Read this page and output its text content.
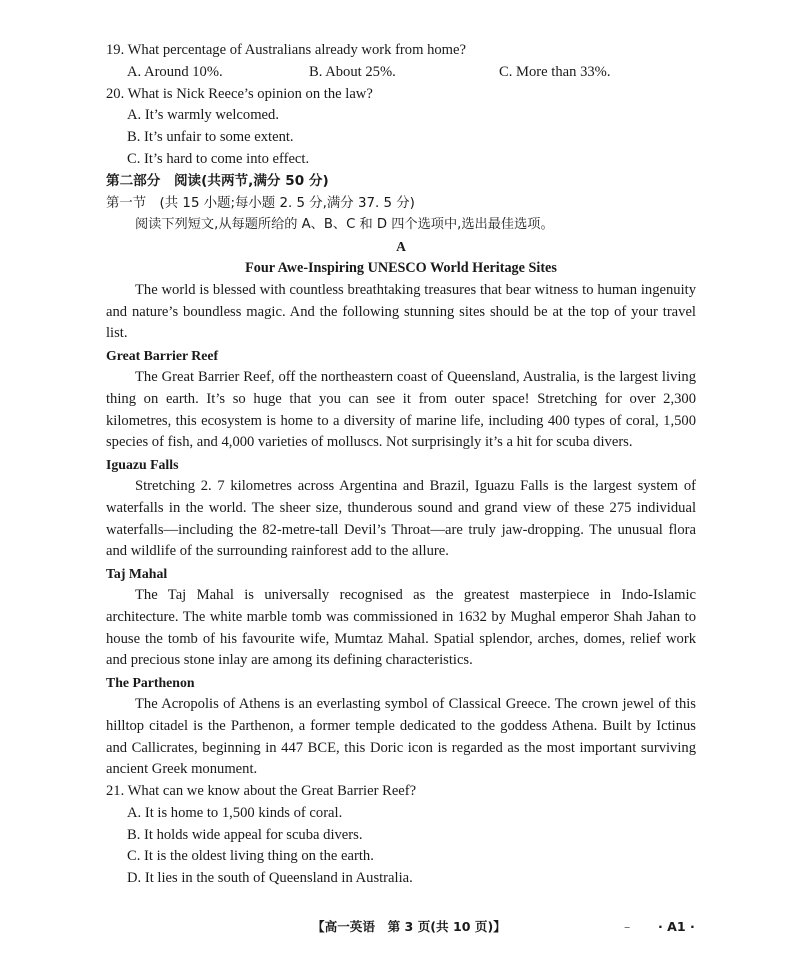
19. What percentage of Australians already work from home?

A. Around 10%.	B. About 25%.	C. More than 33%.

20. What is Nick Reece’s opinion on the law?

A. It’s warmly welcomed.

B. It’s unfair to some extent.

C. It’s hard to come into effect.

第二部分　阅读(共两节,满分 50 分)

第一节　(共 15 小题;每小题 2. 5 分,满分 37. 5 分)

阅读下列短文,从每题所给的 A、B、C 和 D 四个选项中,选出最佳选项。

A

Four Awe-Inspiring UNESCO World Heritage Sites

The world is blessed with countless breathtaking treasures that bear witness to human ingenuity and nature’s boundless magic. And the following stunning sites should be at the top of your travel list.

Great Barrier Reef

The Great Barrier Reef, off the northeastern coast of Queensland, Australia, is the largest living thing on earth. It’s so huge that you can see it from outer space! Stretching for over 2,300 kilometres, this ecosystem is home to a diversity of marine life, including 400 types of coral, 1,500 species of fish, and 4,000 varieties of molluscs. Not surprisingly it’s a hit for scuba divers.

Iguazu Falls

Stretching 2. 7 kilometres across Argentina and Brazil, Iguazu Falls is the largest system of waterfalls in the world. The sheer size, thunderous sound and grand view of these 275 individual waterfalls—including the 82-metre-tall Devil’s Throat—are truly jaw-dropping. The unusual flora and wildlife of the surrounding rainforest add to the allure.

Taj Mahal

The Taj Mahal is universally recognised as the greatest masterpiece in Indo-Islamic architecture. The white marble tomb was commissioned in 1632 by Mughal emperor Shah Jahan to house the tomb of his favourite wife, Mumtaz Mahal. Spatial splendor, arches, domes, relief work and precious stone inlay are among its defining characteristics.

The Parthenon

The Acropolis of Athens is an everlasting symbol of Classical Greece. The crown jewel of this hilltop citadel is the Parthenon, a former temple dedicated to the goddess Athena. Built by Ictinus and Callicrates, beginning in 447 BCE, this Doric icon is regarded as the most important surviving ancient Greek monument.

21. What can we know about the Great Barrier Reef?

A. It is home to 1,500 kinds of coral.

B. It holds wide appeal for scuba divers.

C. It is the oldest living thing on the earth.

D. It lies in the south of Queensland in Australia.

【高一英语　第 3 页(共 10 页)】	– · A1 ·
